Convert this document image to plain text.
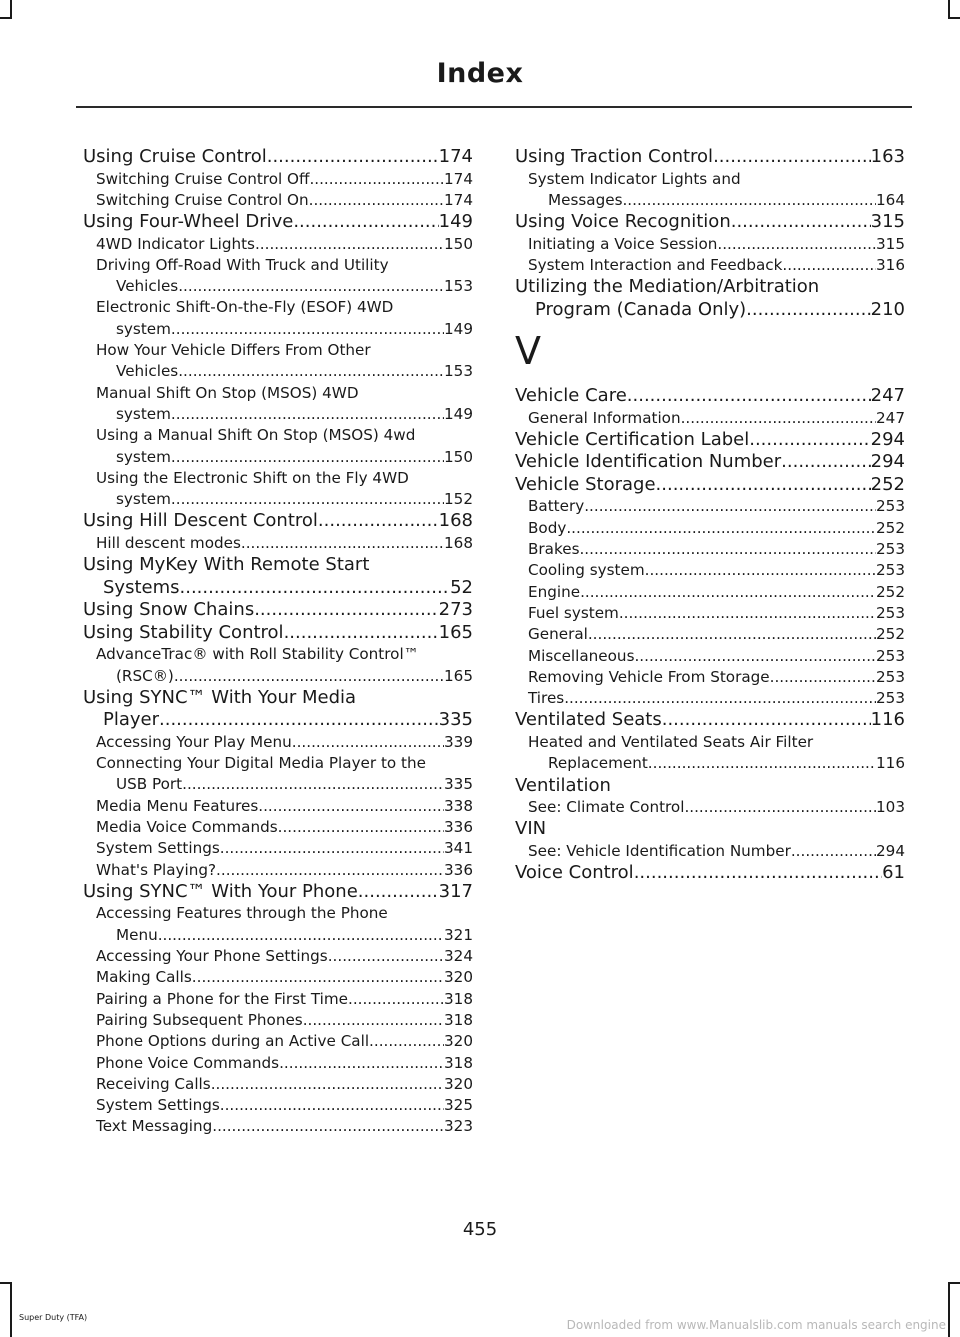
Index
Using Cruise Control .....	174
Switching Cruise Control Off .....	174
Switching Cruise Control On .....	174
Using Four-Wheel Drive .....	149
4WD Indicator Lights .....	150
Driving Off-Road With Truck and Utility
Vehicles .....	153
Electronic Shift-On-the-Fly (ESOF) 4WD
system .....	149
How Your Vehicle Differs From Other
Vehicles .....	153
Manual Shift On Stop (MSOS) 4WD
system .....	149
Using a Manual Shift On Stop (MSOS) 4wd
system .....	150
Using the Electronic Shift on the Fly 4WD
system .....	152
Using Hill Descent Control .....	168
Hill descent modes .....	168
Using MyKey With Remote Start
Systems .....	52
Using Snow Chains .....	273
Using Stability Control .....	165
AdvanceTrac® with Roll Stability Control™
(RSC®) .....	165
Using SYNC™ With Your Media
Player .....	335
Accessing Your Play Menu .....	339
Connecting Your Digital Media Player to the
USB Port .....	335
Media Menu Features .....	338
Media Voice Commands .....	336
System Settings .....	341
What's Playing? .....	336
Using SYNC™ With Your Phone .....	317
Accessing Features through the Phone
Menu .....	321
Accessing Your Phone Settings .....	324
Making Calls .....	320
Pairing a Phone for the First Time .....	318
Pairing Subsequent Phones .....	318
Phone Options during an Active Call .....	320
Phone Voice Commands .....	318
Receiving Calls .....	320
System Settings .....	325
Text Messaging .....	323
Using Traction Control .....	163
System Indicator Lights and
Messages .....	164
Using Voice Recognition .....	315
Initiating a Voice Session .....	315
System Interaction and Feedback .....	316
Utilizing the Mediation/Arbitration
Program (Canada Only) .....	210
V
Vehicle Care .....	247
General Information .....	247
Vehicle Certification Label .....	294
Vehicle Identification Number .....	294
Vehicle Storage .....	252
Battery .....	253
Body .....	252
Brakes .....	253
Cooling system .....	253
Engine .....	252
Fuel system .....	253
General .....	252
Miscellaneous .....	253
Removing Vehicle From Storage .....	253
Tires .....	253
Ventilated Seats .....	116
Heated and Ventilated Seats Air Filter
Replacement .....	116
Ventilation
See: Climate Control .....	103
VIN
See: Vehicle Identification Number .....	294
Voice Control .....	61
455
Super Duty (TFA)
Downloaded from www.Manualslib.com manuals search engine
